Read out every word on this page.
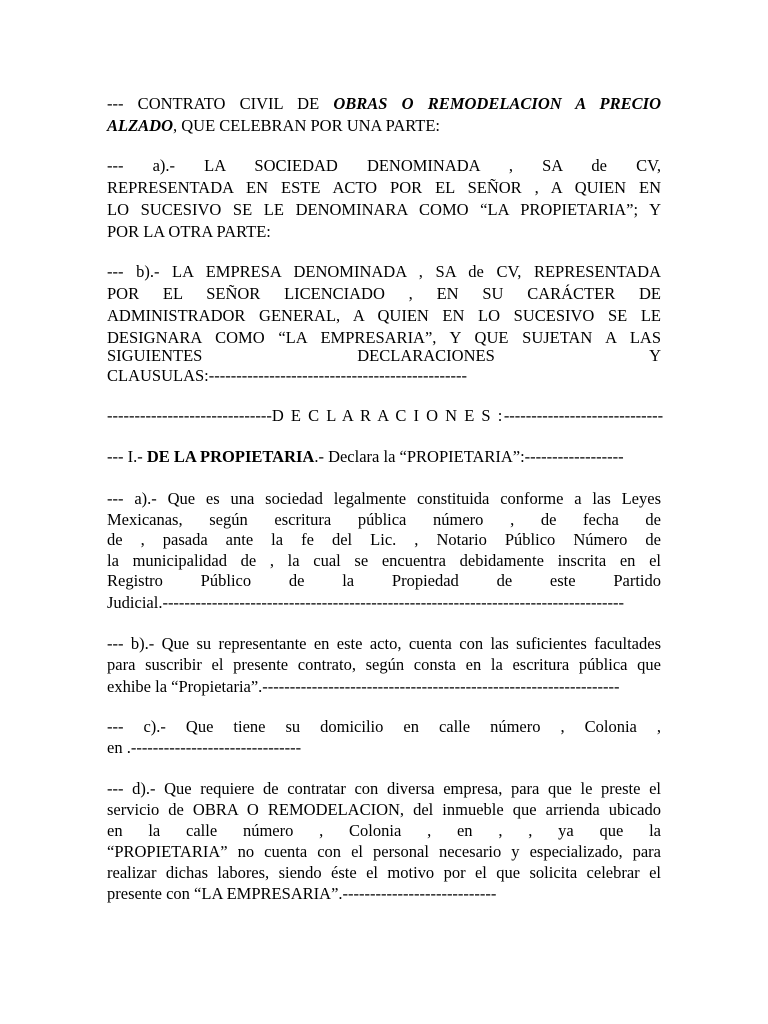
--- CONTRATO CIVIL DE OBRAS O REMODELACION A PRECIO
ALZADO, QUE CELEBRAN POR UNA PARTE:
--- a).- LA SOCIEDAD DENOMINADA , SA de CV,
REPRESENTADA EN ESTE ACTO POR EL SEÑOR , A QUIEN EN
LO SUCESIVO SE LE DENOMINARA COMO “LA PROPIETARIA”; Y
POR LA OTRA PARTE:
--- b).- LA EMPRESA DENOMINADA , SA de CV, REPRESENTADA
POR EL SEÑOR LICENCIADO , EN SU CARÁCTER DE
ADMINISTRADOR GENERAL, A QUIEN EN LO SUCESIVO SE LE
DESIGNARA COMO “LA EMPRESARIA”, Y QUE SUJETAN A LAS
SIGUIENTES DECLARACIONES Y
CLAUSULAS:-----------------------------------------------
------------------------------D E C L A R A C I O N E S :-----------------------------
--- I.- DE LA PROPIETARIA.- Declara la “PROPIETARIA”:------------------
--- a).- Que es una sociedad legalmente constituida conforme a las Leyes
Mexicanas, según escritura pública número , de fecha de
de , pasada ante la fe del Lic. , Notario Público Número de
la municipalidad de , la cual se encuentra debidamente inscrita en el
Registro Público de la Propiedad de este Partido
Judicial.------------------------------------------------------------------------------------
--- b).- Que su representante en este acto, cuenta con las suficientes facultades
para suscribir el presente contrato, según consta en la escritura pública que
exhibe la “Propietaria”.-----------------------------------------------------------------
--- c).- Que tiene su domicilio en calle número , Colonia ,
en .-------------------------------
--- d).- Que requiere de contratar con diversa empresa, para que le preste el
servicio de OBRA O REMODELACION, del inmueble que arrienda ubicado
en la calle número , Colonia , en , , ya que la
“PROPIETARIA” no cuenta con el personal necesario y especializado, para
realizar dichas labores, siendo éste el motivo por el que solicita celebrar el
presente con “LA EMPRESARIA”.----------------------------
